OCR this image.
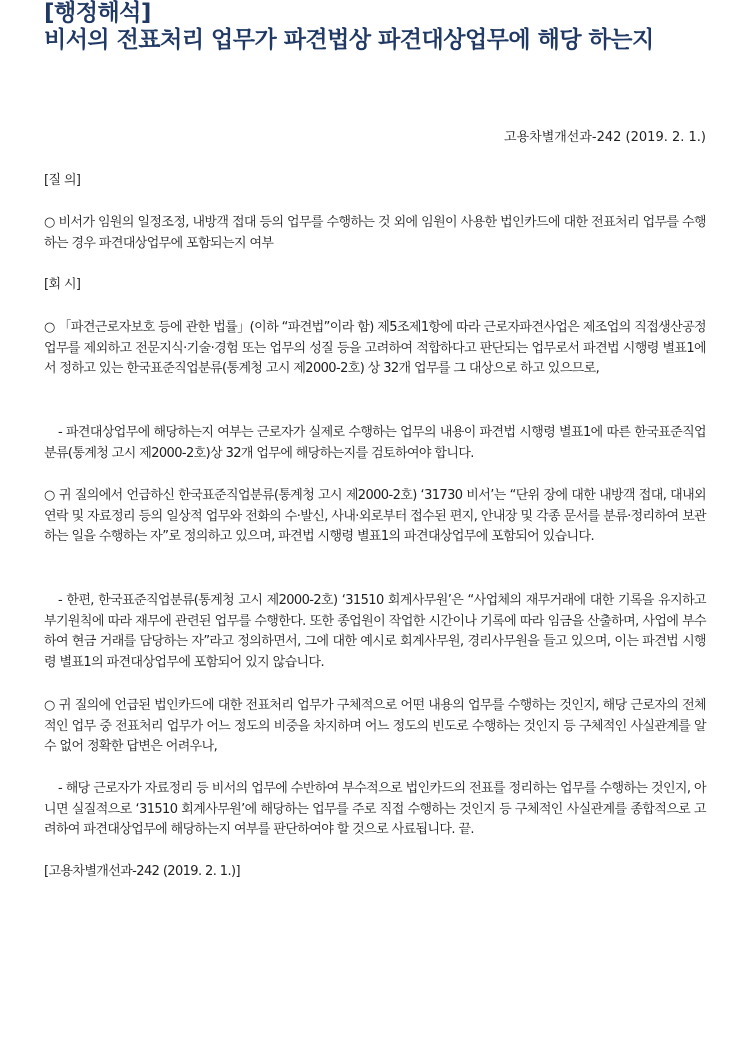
[행정해석]
비서의 전표처리 업무가 파견법상 파견대상업무에 해당 하는지
고용차별개선과-242 (2019. 2. 1.)
[질 의]

○ 비서가 임원의 일정조정, 내방객 접대 등의 업무를 수행하는 것 외에 임원이 사용한 법인카드에 대한 전표처리 업무를 수행하는 경우 파견대상업무에 포함되는지 여부

[회 시]

○ 「파견근로자보호 등에 관한 법률」(이하 “파견법”이라 함) 제5조제1항에 따라 근로자파견사업은 제조업의 직접생산공정업무를 제외하고 전문지식·기술·경험 또는 업무의 성질 등을 고려하여 적합하다고 판단되는 업무로서 파견법 시행령 별표1에서 정하고 있는 한국표준직업분류(통계청 고시 제2000-2호) 상 32개 업무를 그 대상으로 하고 있으므로,

- 파견대상업무에 해당하는지 여부는 근로자가 실제로 수행하는 업무의 내용이 파견법 시행령 별표1에 따른 한국표준직업분류(통계청 고시 제2000-2호)상 32개 업무에 해당하는지를 검토하여야 합니다.

○ 귀 질의에서 언급하신 한국표준직업분류(통계청 고시 제2000-2호) ‘31730 비서’는 “단위 장에 대한 내방객 접대, 대내외 연락 및 자료정리 등의 일상적 업무와 전화의 수·발신, 사내·외로부터 접수된 편지, 안내장 및 각종 문서를 분류·정리하여 보관하는 일을 수행하는 자”로 정의하고 있으며, 파견법 시행령 별표1의 파견대상업무에 포함되어 있습니다.

- 한편, 한국표준직업분류(통계청 고시 제2000-2호) ‘31510 회계사무원’은 “사업체의 재무거래에 대한 기록을 유지하고 부기원칙에 따라 재무에 관련된 업무를 수행한다. 또한 종업원이 작업한 시간이나 기록에 따라 임금을 산출하며, 사업에 부수하여 현금 거래를 담당하는 자”라고 정의하면서, 그에 대한 예시로 회계사무원, 경리사무원을 들고 있으며, 이는 파견법 시행령 별표1의 파견대상업무에 포함되어 있지 않습니다.

○ 귀 질의에 언급된 법인카드에 대한 전표처리 업무가 구체적으로 어떤 내용의 업무를 수행하는 것인지, 해당 근로자의 전체적인 업무 중 전표처리 업무가 어느 정도의 비중을 차지하며 어느 정도의 빈도로 수행하는 것인지 등 구체적인 사실관계를 알 수 없어 정확한 답변은 어려우나,

- 해당 근로자가 자료정리 등 비서의 업무에 수반하여 부수적으로 법인카드의 전표를 정리하는 업무를 수행하는 것인지, 아니면 실질적으로 ‘31510 회계사무원’에 해당하는 업무를 주로 직접 수행하는 것인지 등 구체적인 사실관계를 종합적으로 고려하여 파견대상업무에 해당하는지 여부를 판단하여야 할 것으로 사료됩니다. 끝.

[고용차별개선과-242 (2019. 2. 1.)]
